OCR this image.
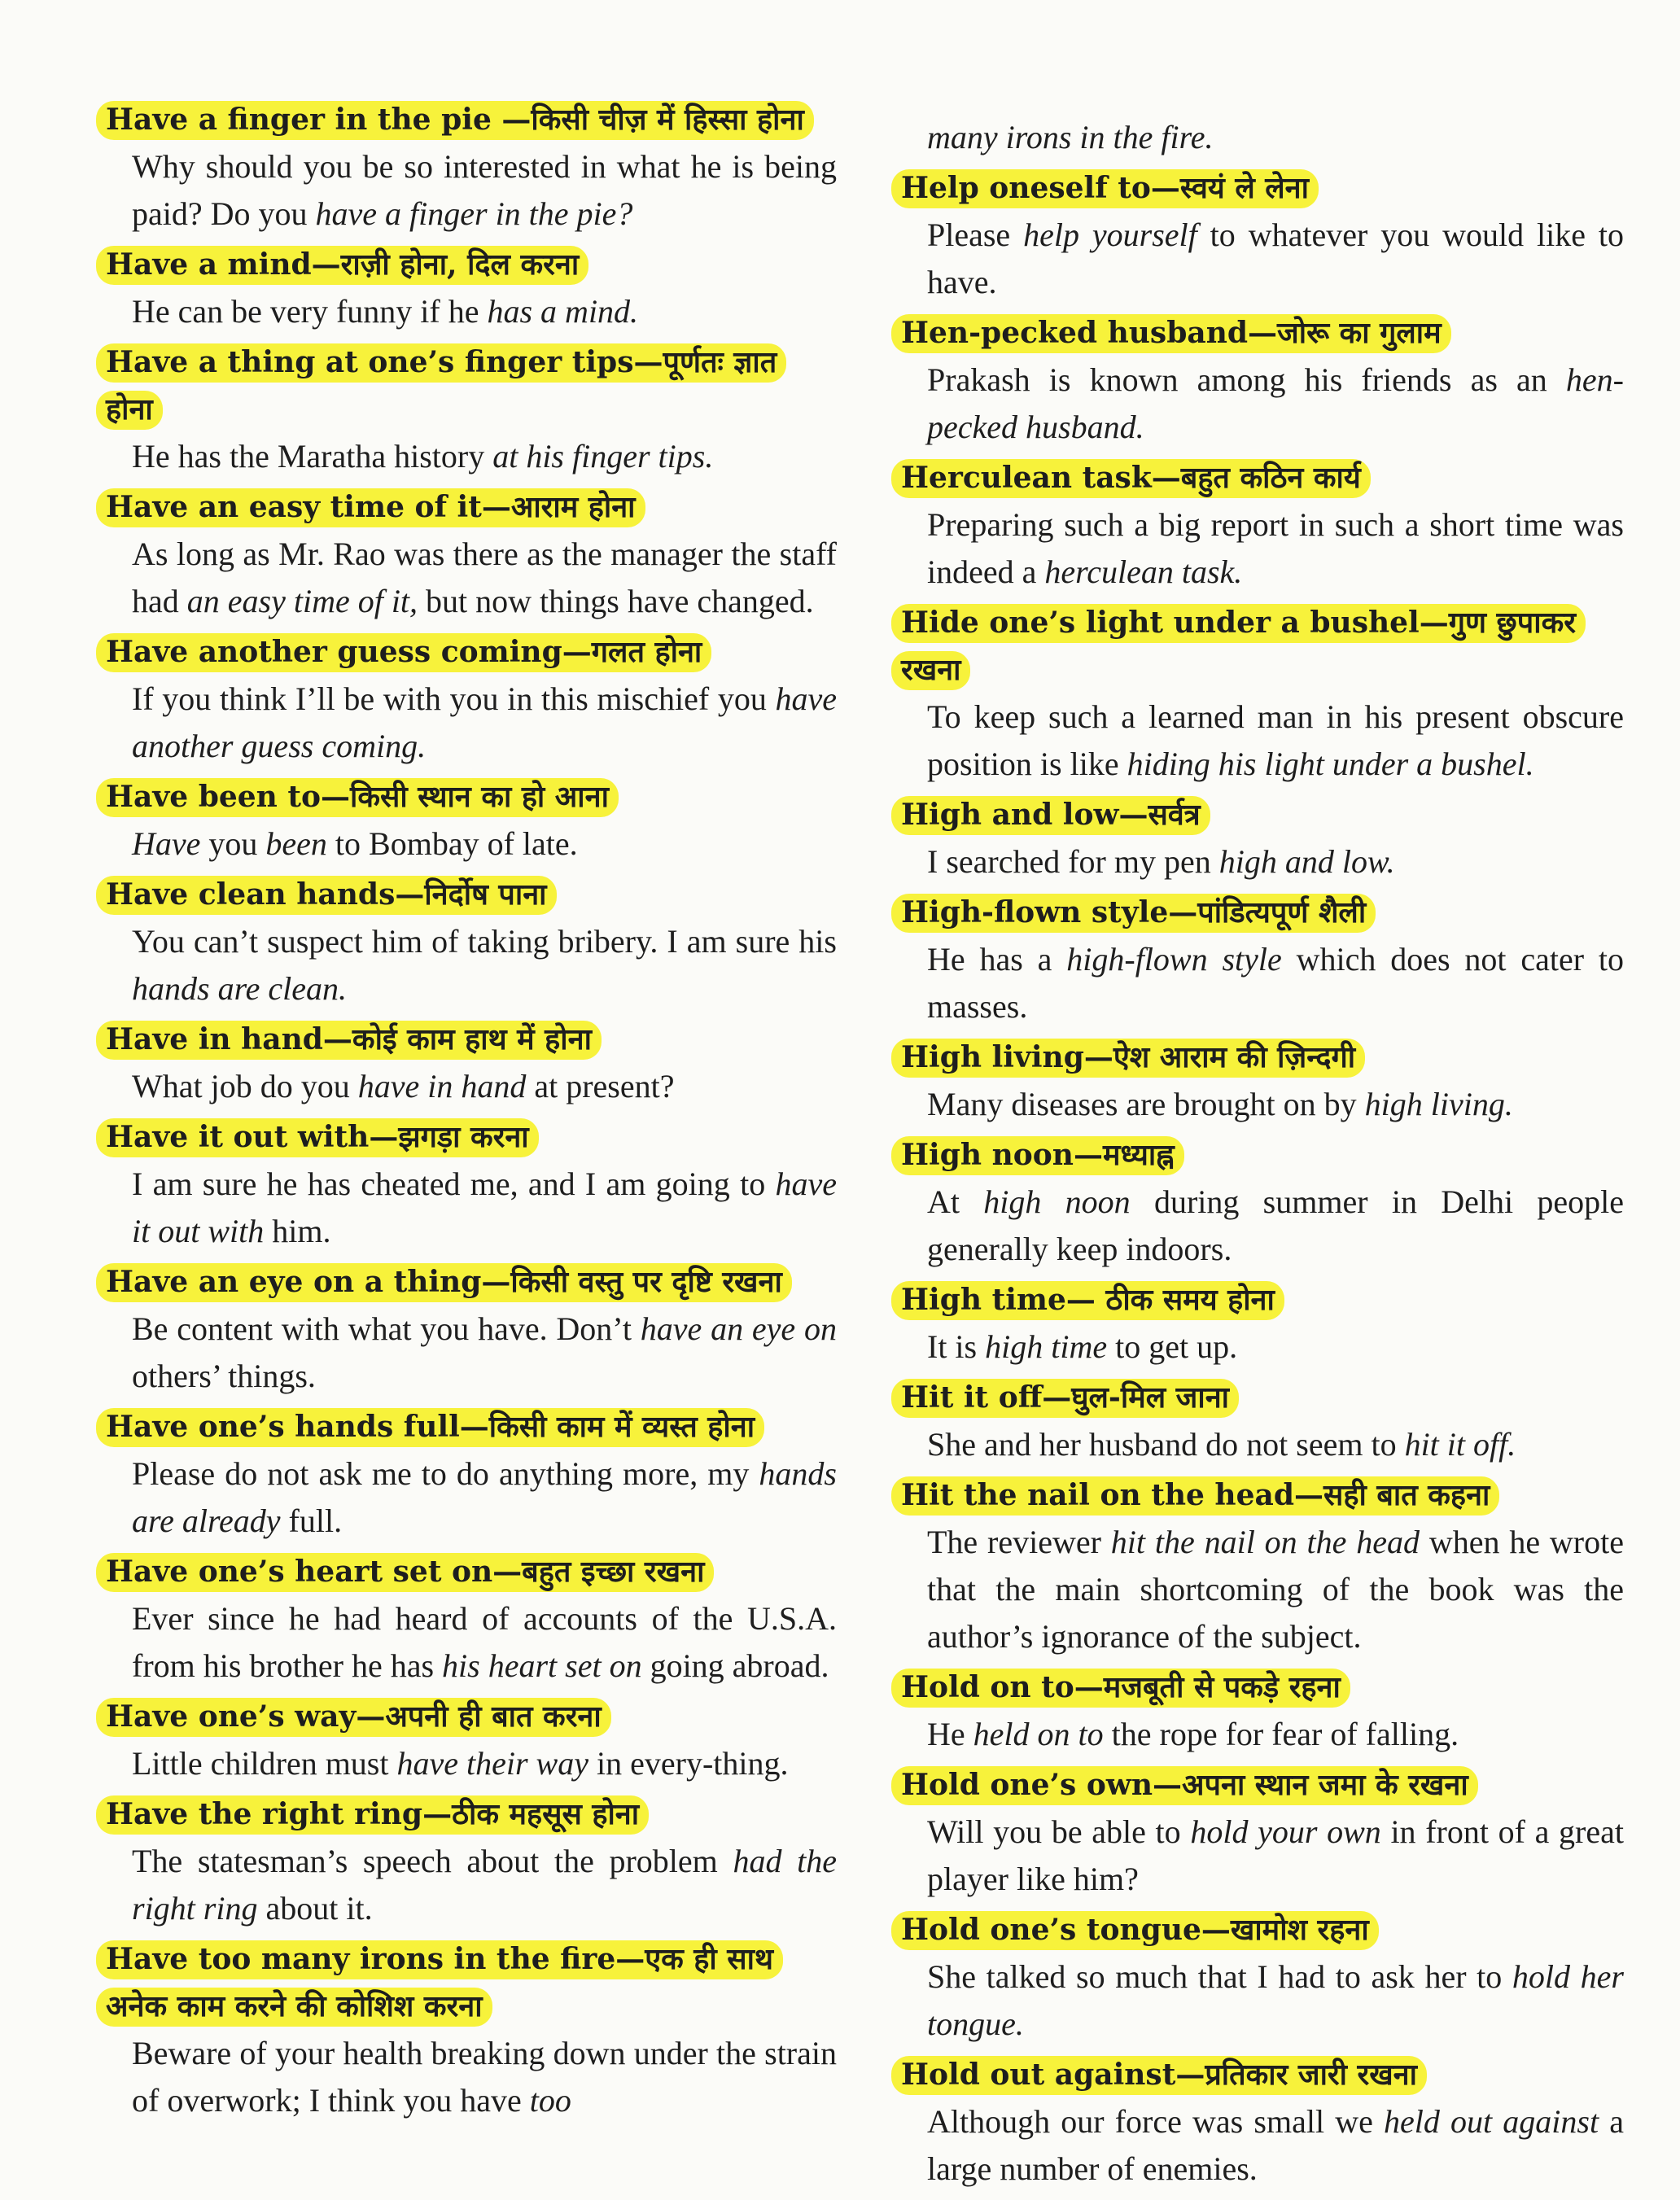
Have a finger in the pie —किसी चीज़ में हिस्सा होना
Why should you be so interested in what he is being paid? Do you have a finger in the pie?
Have a mind—राज़ी होना, दिल करना
He can be very funny if he has a mind.
Have a thing at one’s finger tips—पूर्णतः ज्ञात होना
He has the Maratha history at his finger tips.
Have an easy time of it—आराम होना
As long as Mr. Rao was there as the manager the staff had an easy time of it, but now things have changed.
Have another guess coming—गलत होना
If you think I’ll be with you in this mischief you have another guess coming.
Have been to—किसी स्थान का हो आना
Have you been to Bombay of late.
Have clean hands—निर्दोष पाना
You can’t suspect him of taking bribery. I am sure his hands are clean.
Have in hand—कोई काम हाथ में होना
What job do you have in hand at present?
Have it out with—झगड़ा करना
I am sure he has cheated me, and I am going to have it out with him.
Have an eye on a thing—किसी वस्तु पर दृष्टि रखना
Be content with what you have. Don’t have an eye on others’ things.
Have one’s hands full—किसी काम में व्यस्त होना
Please do not ask me to do anything more, my hands are already full.
Have one’s heart set on—बहुत इच्छा रखना
Ever since he had heard of accounts of the U.S.A. from his brother he has his heart set on going abroad.
Have one’s way—अपनी ही बात करना
Little children must have their way in every-thing.
Have the right ring—ठीक महसूस होना
The statesman’s speech about the problem had the right ring about it.
Have too many irons in the fire—एक ही साथ अनेक काम करने की कोशिश करना
Beware of your health breaking down under the strain of overwork; I think you have too
many irons in the fire.
Help oneself to—स्वयं ले लेना
Please help yourself to whatever you would like to have.
Hen-pecked husband—जोरू का गुलाम
Prakash is known among his friends as an hen-pecked husband.
Herculean task—बहुत कठिन कार्य
Preparing such a big report in such a short time was indeed a herculean task.
Hide one’s light under a bushel—गुण छुपाकर रखना
To keep such a learned man in his present obscure position is like hiding his light under a bushel.
High and low—सर्वत्र
I searched for my pen high and low.
High-flown style—पांडित्यपूर्ण शैली
He has a high-flown style which does not cater to masses.
High living—ऐश आराम की ज़िन्दगी
Many diseases are brought on by high living.
High noon—मध्याह्न
At high noon during summer in Delhi people generally keep indoors.
High time— ठीक समय होना
It is high time to get up.
Hit it off—घुल-मिल जाना
She and her husband do not seem to hit it off.
Hit the nail on the head—सही बात कहना
The reviewer hit the nail on the head when he wrote that the main shortcoming of the book was the author’s ignorance of the subject.
Hold on to—मजबूती से पकड़े रहना
He held on to the rope for fear of falling.
Hold one’s own—अपना स्थान जमा के रखना
Will you be able to hold your own in front of a great player like him?
Hold one’s tongue—खामोश रहना
She talked so much that I had to ask her to hold her tongue.
Hold out against—प्रतिकार जारी रखना
Although our force was small we held out against a large number of enemies.
